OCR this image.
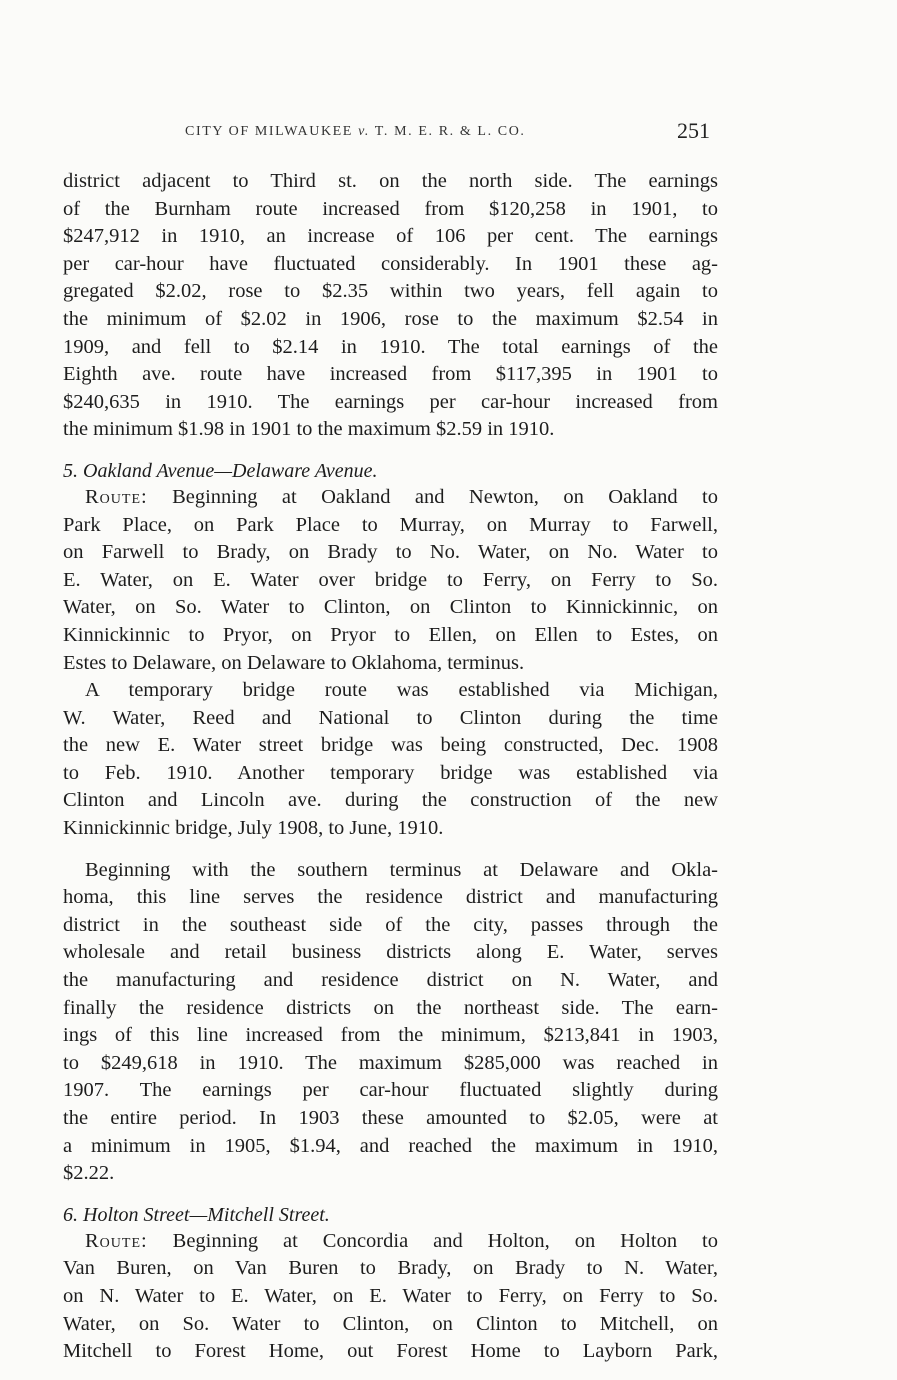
CITY OF MILWAUKEE v. T. M. E. R. & L. CO.	251
district adjacent to Third st. on the north side. The earnings
of the Burnham route increased from $120,258 in 1901, to
$247,912 in 1910, an increase of 106 per cent. The earnings
per car-hour have fluctuated considerably. In 1901 these ag-
gregated $2.02, rose to $2.35 within two years, fell again to
the minimum of $2.02 in 1906, rose to the maximum $2.54 in
1909, and fell to $2.14 in 1910. The total earnings of the
Eighth ave. route have increased from $117,395 in 1901 to
$240,635 in 1910. The earnings per car-hour increased from
the minimum $1.98 in 1901 to the maximum $2.59 in 1910.

5. Oakland Avenue—Delaware Avenue.

Route: Beginning at Oakland and Newton, on Oakland to
Park Place, on Park Place to Murray, on Murray to Farwell,
on Farwell to Brady, on Brady to No. Water, on No. Water to
E. Water, on E. Water over bridge to Ferry, on Ferry to So.
Water, on So. Water to Clinton, on Clinton to Kinnickinnic, on
Kinnickinnic to Pryor, on Pryor to Ellen, on Ellen to Estes, on
Estes to Delaware, on Delaware to Oklahoma, terminus.
A temporary bridge route was established via Michigan,
W. Water, Reed and National to Clinton during the time
the new E. Water street bridge was being constructed, Dec. 1908
to Feb. 1910. Another temporary bridge was established via
Clinton and Lincoln ave. during the construction of the new
Kinnickinnic bridge, July 1908, to June, 1910.
Beginning with the southern terminus at Delaware and Okla-
homa, this line serves the residence district and manufacturing
district in the southeast side of the city, passes through the
wholesale and retail business districts along E. Water, serves
the manufacturing and residence district on N. Water, and
finally the residence districts on the northeast side. The earn-
ings of this line increased from the minimum, $213,841 in 1903,
to $249,618 in 1910. The maximum $285,000 was reached in
1907. The earnings per car-hour fluctuated slightly during
the entire period. In 1903 these amounted to $2.05, were at
a minimum in 1905, $1.94, and reached the maximum in 1910,
$2.22.

6. Holton Street—Mitchell Street.

Route: Beginning at Concordia and Holton, on Holton to
Van Buren, on Van Buren to Brady, on Brady to N. Water,
on N. Water to E. Water, on E. Water to Ferry, on Ferry to So.
Water, on So. Water to Clinton, on Clinton to Mitchell, on
Mitchell to Forest Home, out Forest Home to Layborn Park,
